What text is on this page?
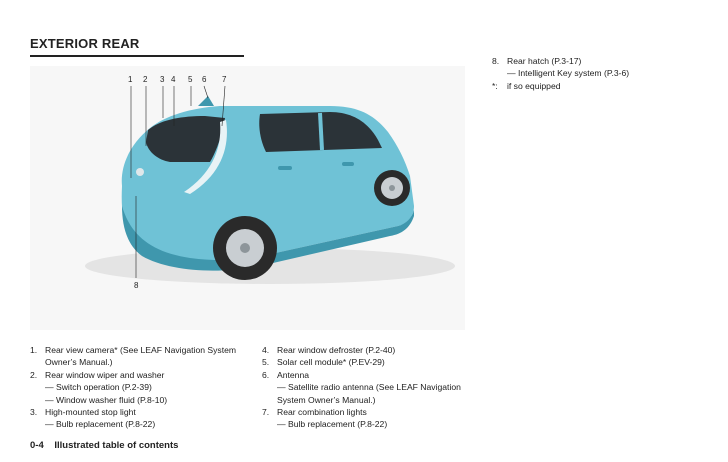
EXTERIOR REAR
1 2 3 4 5 6 7
8
1. Rear view camera* (See LEAF Navigation System
Owner’s Manual.)
2. Rear window wiper and washer
— Switch operation (P.2-39)
— Window washer fluid (P.8-10)
3. High-mounted stop light
— Bulb replacement (P.8-22)
4. Rear window defroster (P.2-40)
5. Solar cell module* (P.EV-29)
6. Antenna
— Satellite radio antenna (See LEAF Navigation
System Owner’s Manual.)
7. Rear combination lights
— Bulb replacement (P.8-22)
8. Rear hatch (P.3-17)
— Intelligent Key system (P.3-6)
*:	if so equipped
0-4 Illustrated table of contents
